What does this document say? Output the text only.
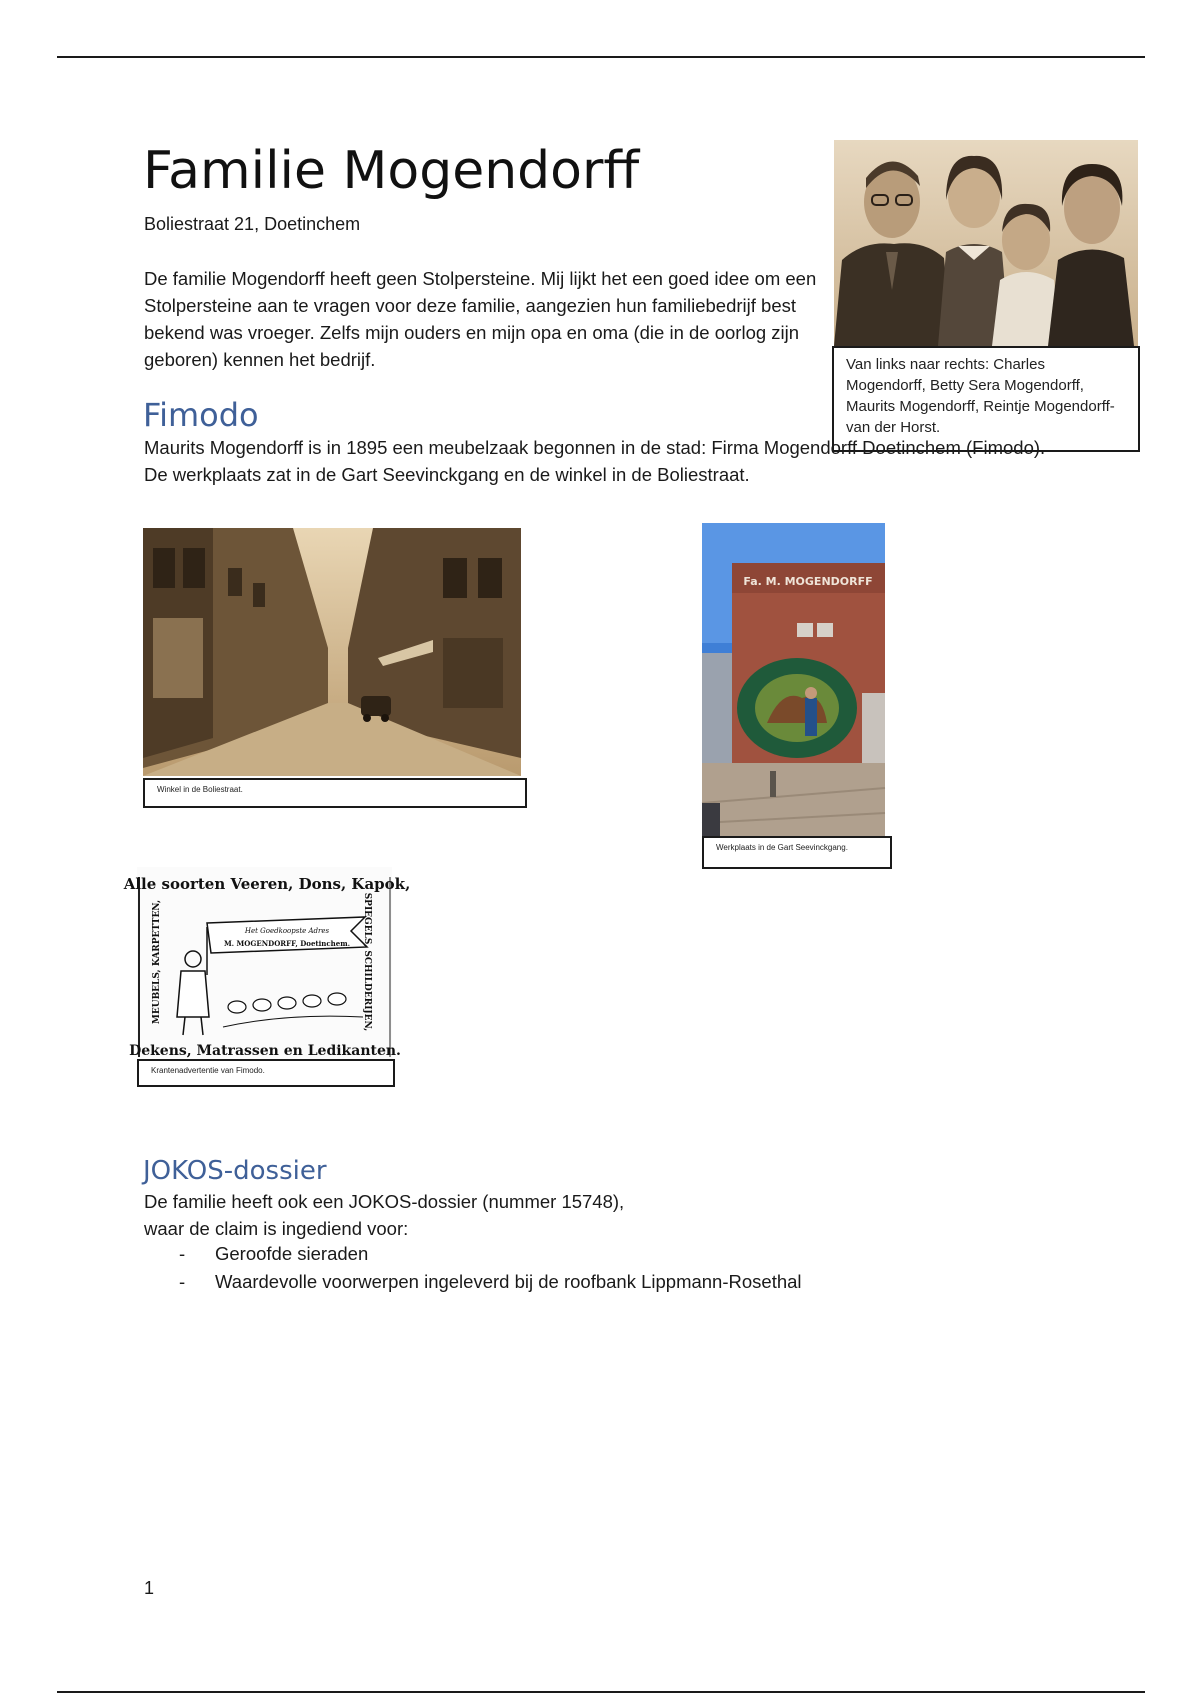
Familie Mogendorff
Boliestraat 21, Doetinchem

De familie Mogendorff heeft geen Stolpersteine. Mij lijkt het een goed idee om een Stolpersteine aan te vragen voor deze familie, aangezien hun familiebedrijf best bekend was vroeger. Zelfs mijn ouders en mijn opa en oma (die in de oorlog zijn geboren) kennen het bedrijf.	Van links naar rechts: Charles Mogendorff, Betty Sera Mogendorff, Maurits Mogendorff, Reintje Mogendorff-van der Horst.
Fimodo

Maurits Mogendorff is in 1895 een meubelzaak begonnen in de stad: Firma Mogendorff Doetinchem (Fimodo). De werkplaats zat in de Gart Seevinckgang en de winkel in de Boliestraat.

Winkel in de Boliestraat.
Fa. M. MOGENDORFF
Werkplaats in de Gart Seevinckgang.
Alle soorten Veeren, Dons, Kapok,
Het Goedkoopste Adres
M. MOGENDORFF, Doetinchem.
MEUBELS, KARPETTEN,	SPIEGELS, SCHILDERIJEN,
Dekens, Matrassen en Ledikanten.
Krantenadvertentie van Fimodo.
JOKOS-dossier
De familie heeft ook een JOKOS-dossier (nummer 15748),
waar de claim is ingediend voor:
- Geroofde sieraden
- Waardevolle voorwerpen ingeleverd bij de roofbank Lippmann-Rosethal
1
